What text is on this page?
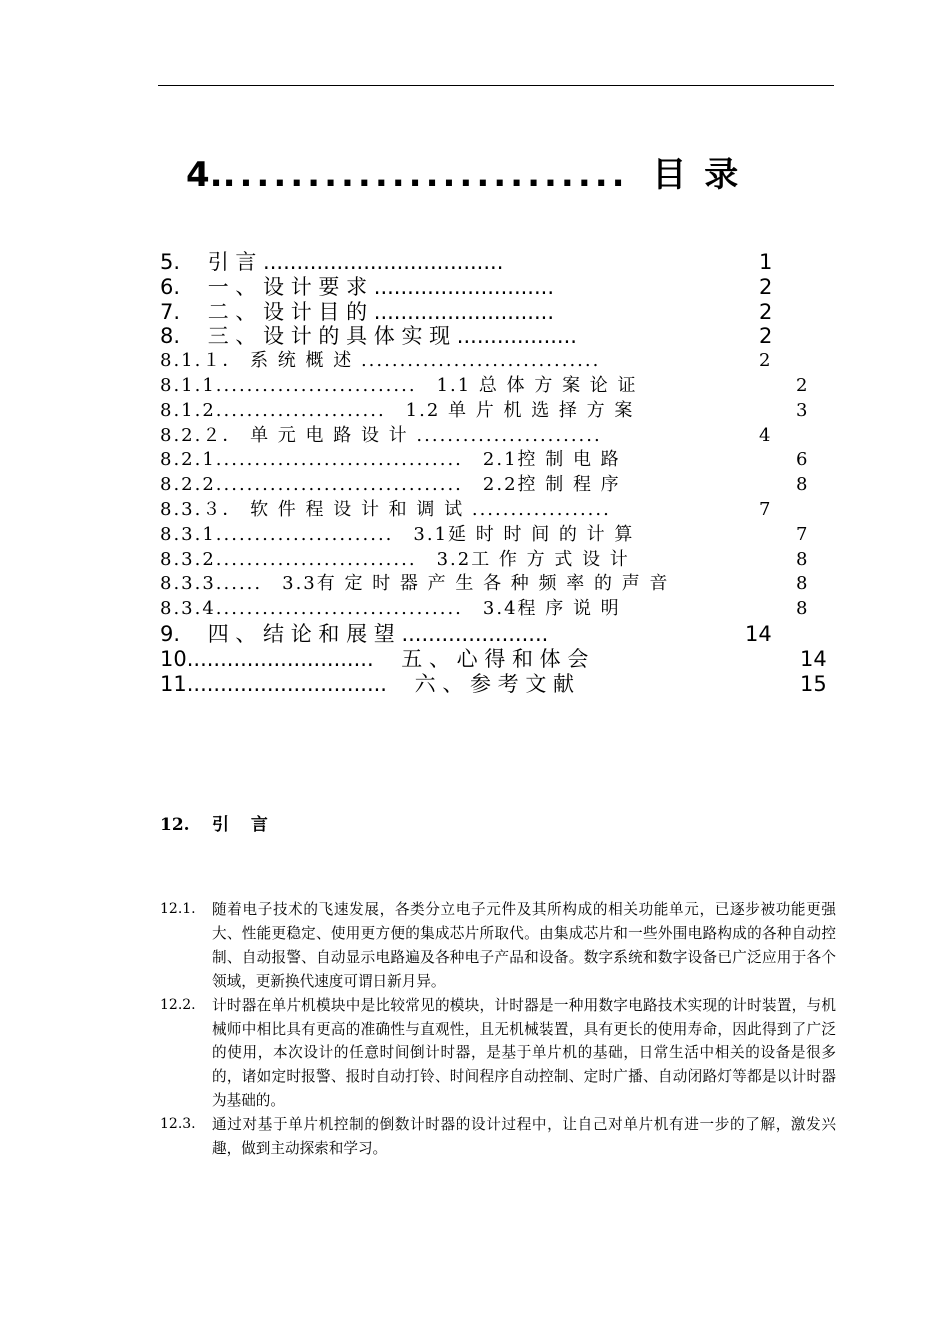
4......................... 目录
5.　 引 言 ....................................	1
6.　 一 、 设 计 要 求 ...........................	2
7.　 二 、 设 计 目 的 ...........................	2
8.　 三 、 设 计 的 具 体 实 现 ..................	2
8.1.１． 系 统 概 述 ...............................	2
8.1.1..........................　1.1 总 体 方 案 论 证	2
8.1.2......................　1.2 单 片 机 选 择 方 案	3
8.2.２． 单 元 电 路 设 计 ........................	4
8.2.1................................　2.1控 制 电 路	6
8.2.2................................　2.2控 制 程 序	8
8.3.３． 软 件 程 设 计 和 调 试 ..................	7
8.3.1.......................　3.1延 时 时 间 的 计 算	7
8.3.2..........................　3.2工 作 方 式 设 计	8
8.3.3......　3.3有 定 时 器 产 生 各 种 频 率 的 声 音	8
8.3.4................................　3.4程 序 说 明	8
9.　 四 、 结 论 和 展 望 ......................	14
10............................　 五 、 心 得 和 体 会	14
11..............................　 六 、 参 考 文 献	15
12. 引 言

12.1. 随着电子技术的飞速发展，各类分立电子元件及其所构成的相关功能单元，已逐步被功能更强大、性能更稳定、使用更方便的集成芯片所取代。由集成芯片和一些外围电路构成的各种自动控制、自动报警、自动显示电路遍及各种电子产品和设备。数字系统和数字设备已广泛应用于各个领域，更新换代速度可谓日新月异。

12.2. 计时器在单片机模块中是比较常见的模块，计时器是一种用数字电路技术实现的计时装置，与机械师中相比具有更高的准确性与直观性，且无机械装置，具有更长的使用寿命，因此得到了广泛的使用，本次设计的任意时间倒计时器，是基于单片机的基础，日常生活中相关的设备是很多的，诸如定时报警、报时自动打铃、时间程序自动控制、定时广播、自动闭路灯等都是以计时器为基础的。

12.3. 通过对基于单片机控制的倒数计时器的设计过程中，让自己对单片机有进一步的了解，激发兴趣，做到主动探索和学习。
